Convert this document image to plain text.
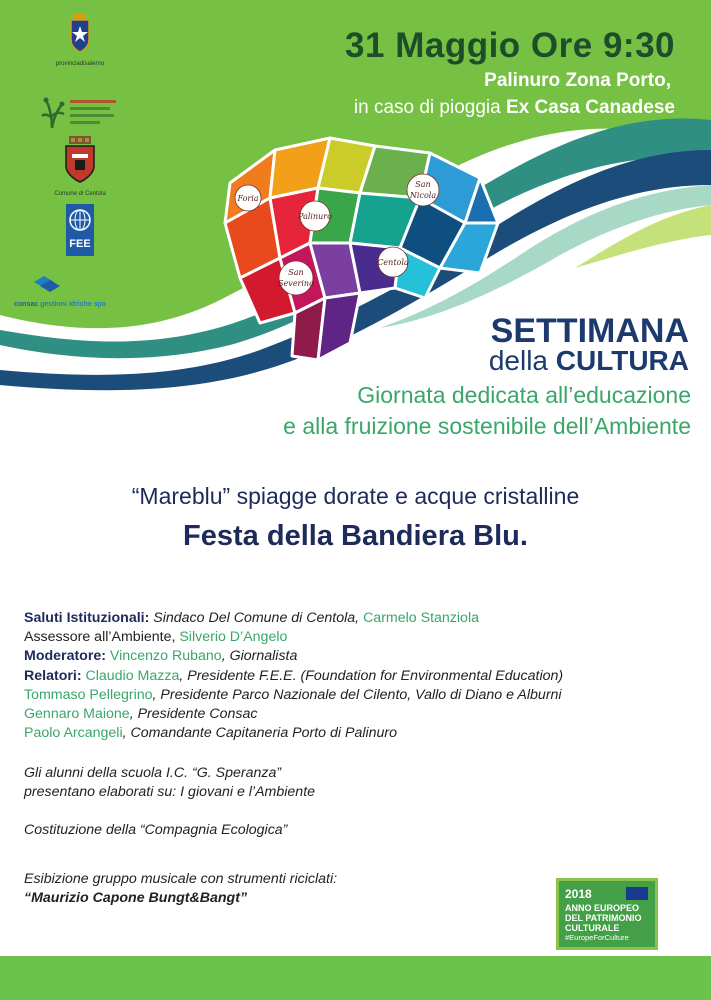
provinciadisalerno
Comune di Centola
FEE
consac gestioni idriche spa
31 Maggio Ore 9:30
Palinuro Zona Porto,
in caso di pioggia Ex Casa Canadese
Foria
Palinuro
San
Nicola
Centola
San
Severino
SETTIMANA
della CULTURA
Giornata dedicata all’educazione
e alla fruizione sostenibile dell’Ambiente
“Mareblu” spiagge dorate e acque cristalline
Festa della Bandiera Blu.
Saluti Istituzionali: Sindaco Del Comune di Centola, Carmelo Stanziola
Assessore all’Ambiente, Silverio D’Angelo
Moderatore: Vincenzo Rubano, Giornalista
Relatori: Claudio Mazza, Presidente F.E.E. (Foundation for Environmental Education)
Tommaso Pellegrino, Presidente Parco Nazionale del Cilento, Vallo di Diano e Alburni
Gennaro Maione, Presidente Consac
Paolo Arcangeli, Comandante Capitaneria Porto di Palinuro
Gli alunni della scuola I.C. “G. Speranza”
presentano elaborati su: I giovani e l’Ambiente
Costituzione della “Compagnia Ecologica”
Esibizione gruppo musicale con strumenti riciclati:
“Maurizio Capone Bungt&Bangt”	2018
ANNO EUROPEO
DEL PATRIMONIO
CULTURALE
#EuropeForCulture
